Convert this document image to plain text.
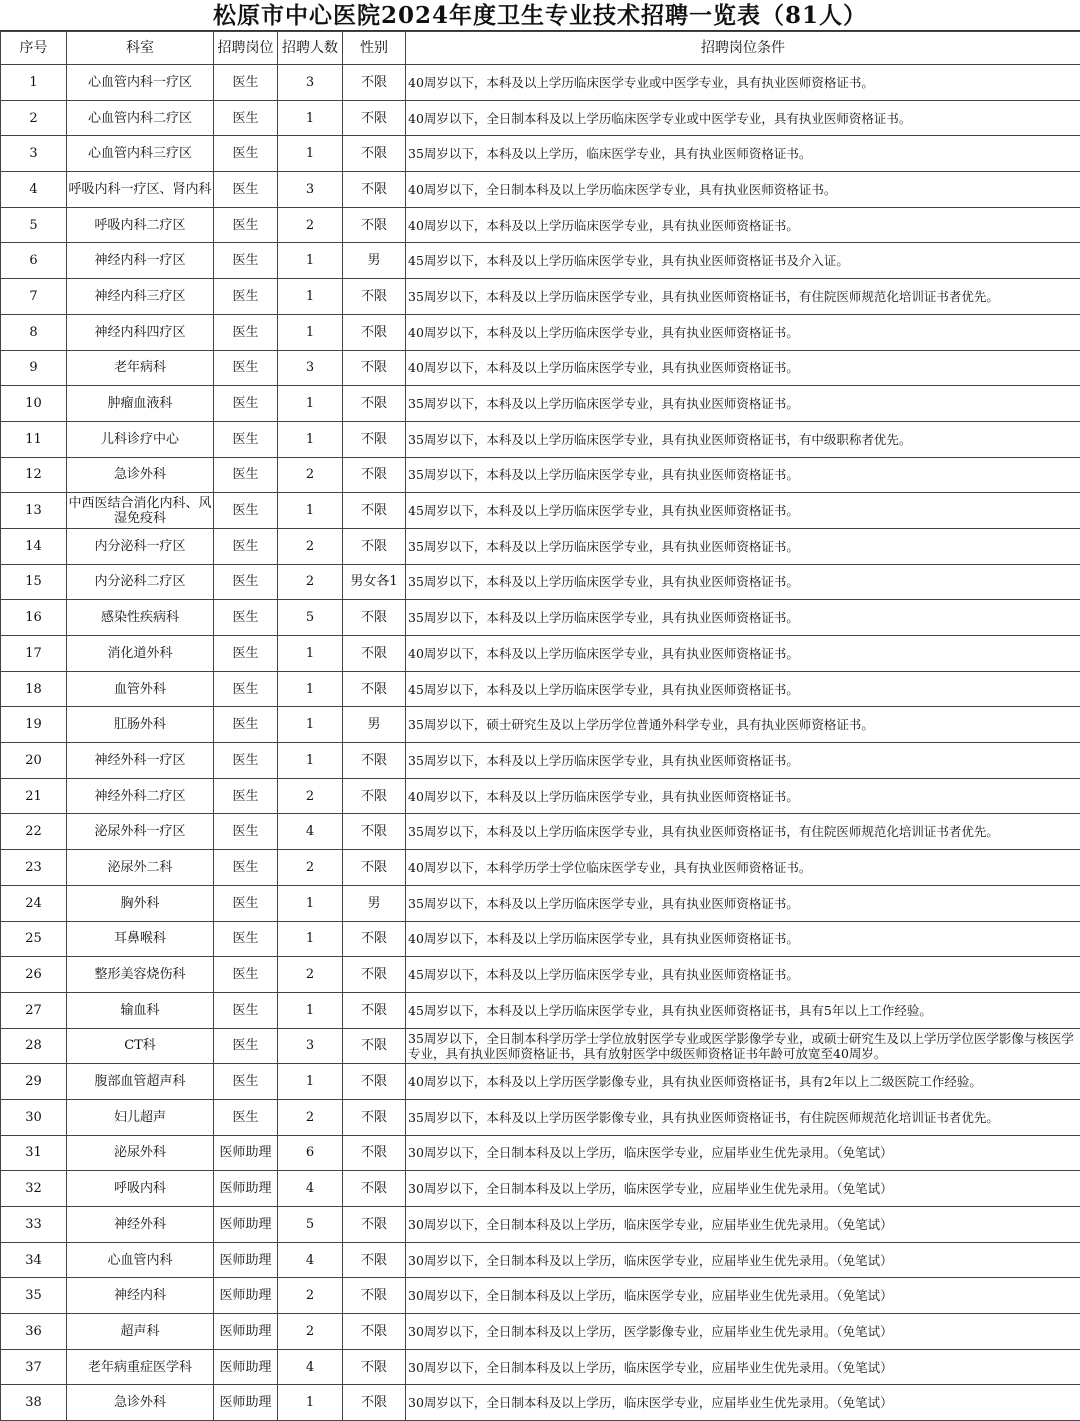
松原市中心医院2024年度卫生专业技术招聘一览表（81人）
序号	科室	招聘岗位	招聘人数	性别	招聘岗位条件
1	心血管内科一疗区	医生	3	不限	40周岁以下，本科及以上学历临床医学专业或中医学专业，具有执业医师资格证书。
2	心血管内科二疗区	医生	1	不限	40周岁以下，全日制本科及以上学历临床医学专业或中医学专业，具有执业医师资格证书。
3	心血管内科三疗区	医生	1	不限	35周岁以下，本科及以上学历，临床医学专业，具有执业医师资格证书。
4	呼吸内科一疗区、肾内科	医生	3	不限	40周岁以下，全日制本科及以上学历临床医学专业，具有执业医师资格证书。
5	呼吸内科二疗区	医生	2	不限	40周岁以下，本科及以上学历临床医学专业，具有执业医师资格证书。
6	神经内科一疗区	医生	1	男	45周岁以下，本科及以上学历临床医学专业，具有执业医师资格证书及介入证。
7	神经内科三疗区	医生	1	不限	35周岁以下，本科及以上学历临床医学专业，具有执业医师资格证书，有住院医师规范化培训证书者优先。
8	神经内科四疗区	医生	1	不限	40周岁以下，本科及以上学历临床医学专业，具有执业医师资格证书。
9	老年病科	医生	3	不限	40周岁以下，本科及以上学历临床医学专业，具有执业医师资格证书。
10	肿瘤血液科	医生	1	不限	35周岁以下，本科及以上学历临床医学专业，具有执业医师资格证书。
11	儿科诊疗中心	医生	1	不限	35周岁以下，本科及以上学历临床医学专业，具有执业医师资格证书，有中级职称者优先。
12	急诊外科	医生	2	不限	35周岁以下，本科及以上学历临床医学专业，具有执业医师资格证书。
13	中西医结合消化内科、风湿免疫科	医生	1	不限	45周岁以下，本科及以上学历临床医学专业，具有执业医师资格证书。
14	内分泌科一疗区	医生	2	不限	35周岁以下，本科及以上学历临床医学专业，具有执业医师资格证书。
15	内分泌科二疗区	医生	2	男女各1	35周岁以下，本科及以上学历临床医学专业，具有执业医师资格证书。
16	感染性疾病科	医生	5	不限	35周岁以下，本科及以上学历临床医学专业，具有执业医师资格证书。
17	消化道外科	医生	1	不限	40周岁以下，本科及以上学历临床医学专业，具有执业医师资格证书。
18	血管外科	医生	1	不限	45周岁以下，本科及以上学历临床医学专业，具有执业医师资格证书。
19	肛肠外科	医生	1	男	35周岁以下，硕士研究生及以上学历学位普通外科学专业，具有执业医师资格证书。
20	神经外科一疗区	医生	1	不限	35周岁以下，本科及以上学历临床医学专业，具有执业医师资格证书。
21	神经外科二疗区	医生	2	不限	40周岁以下，本科及以上学历临床医学专业，具有执业医师资格证书。
22	泌尿外科一疗区	医生	4	不限	35周岁以下，本科及以上学历临床医学专业，具有执业医师资格证书，有住院医师规范化培训证书者优先。
23	泌尿外二科	医生	2	不限	40周岁以下，本科学历学士学位临床医学专业，具有执业医师资格证书。
24	胸外科	医生	1	男	35周岁以下，本科及以上学历临床医学专业，具有执业医师资格证书。
25	耳鼻喉科	医生	1	不限	40周岁以下，本科及以上学历临床医学专业，具有执业医师资格证书。
26	整形美容烧伤科	医生	2	不限	45周岁以下，本科及以上学历临床医学专业，具有执业医师资格证书。
27	输血科	医生	1	不限	45周岁以下，本科及以上学历临床医学专业，具有执业医师资格证书，具有5年以上工作经验。
28	CT科	医生	3	不限	35周岁以下，全日制本科学历学士学位放射医学专业或医学影像学专业，或硕士研究生及以上学历学位医学影像与核医学专业，具有执业医师资格证书，具有放射医学中级医师资格证书年龄可放宽至40周岁。
29	腹部血管超声科	医生	1	不限	40周岁以下，本科及以上学历医学影像专业，具有执业医师资格证书，具有2年以上二级医院工作经验。
30	妇儿超声	医生	2	不限	35周岁以下，本科及以上学历医学影像专业，具有执业医师资格证书，有住院医师规范化培训证书者优先。
31	泌尿外科	医师助理	6	不限	30周岁以下，全日制本科及以上学历，临床医学专业，应届毕业生优先录用。（免笔试）
32	呼吸内科	医师助理	4	不限	30周岁以下，全日制本科及以上学历，临床医学专业，应届毕业生优先录用。（免笔试）
33	神经外科	医师助理	5	不限	30周岁以下，全日制本科及以上学历，临床医学专业，应届毕业生优先录用。（免笔试）
34	心血管内科	医师助理	4	不限	30周岁以下，全日制本科及以上学历，临床医学专业，应届毕业生优先录用。（免笔试）
35	神经内科	医师助理	2	不限	30周岁以下，全日制本科及以上学历，临床医学专业，应届毕业生优先录用。（免笔试）
36	超声科	医师助理	2	不限	30周岁以下，全日制本科及以上学历，医学影像专业，应届毕业生优先录用。（免笔试）
37	老年病重症医学科	医师助理	4	不限	30周岁以下，全日制本科及以上学历，临床医学专业，应届毕业生优先录用。（免笔试）
38	急诊外科	医师助理	1	不限	30周岁以下，全日制本科及以上学历，临床医学专业，应届毕业生优先录用。（免笔试）
